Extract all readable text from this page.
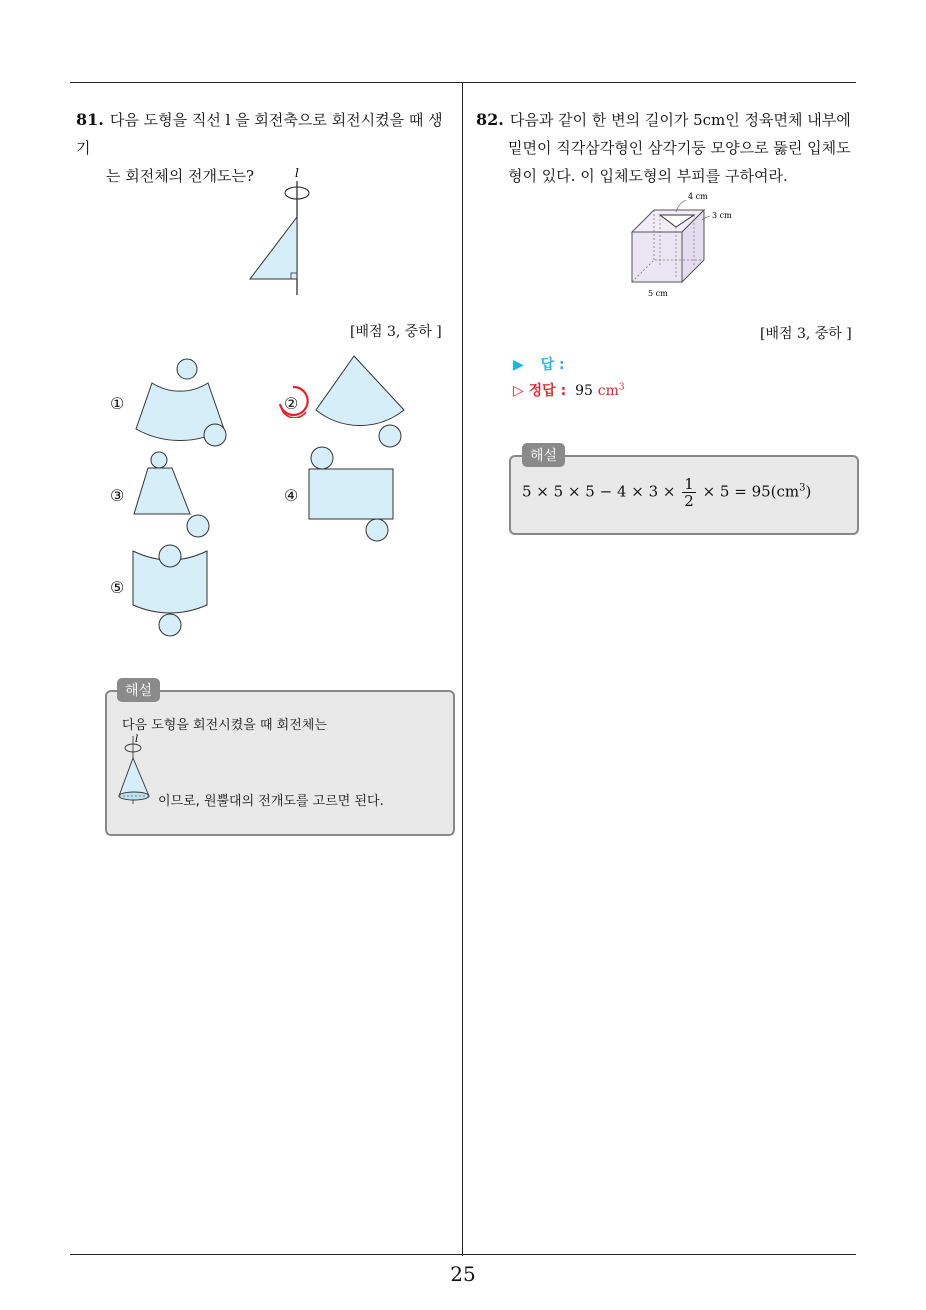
81. 다음 도형을 직선 l 을 회전축으로 회전시켰을 때 생기
는 회전체의 전개도는?	l
[배점 3, 중하 ]
①	②
③	④
⑤
해설
다음 도형을 회전시켰을 때 회전체는
l
이므로, 원뿔대의 전개도를 고르면 된다.
82. 다음과 같이 한 변의 길이가 5cm인 정육면체 내부에
밑면이 직각삼각형인 삼각기둥 모양으로 뚫린 입체도
형이 있다. 이 입체도형의 부피를 구하여라.
4 cm
3 cm
5 cm
[배점 3, 중하 ]
▶ 답 :
▷ 정답 : 95 $cm^3$
해설
$5 \times 5 \times 5 - 4 \times 3 \times \frac{1}{2} \times 5 = 95(cm^3)$
25
